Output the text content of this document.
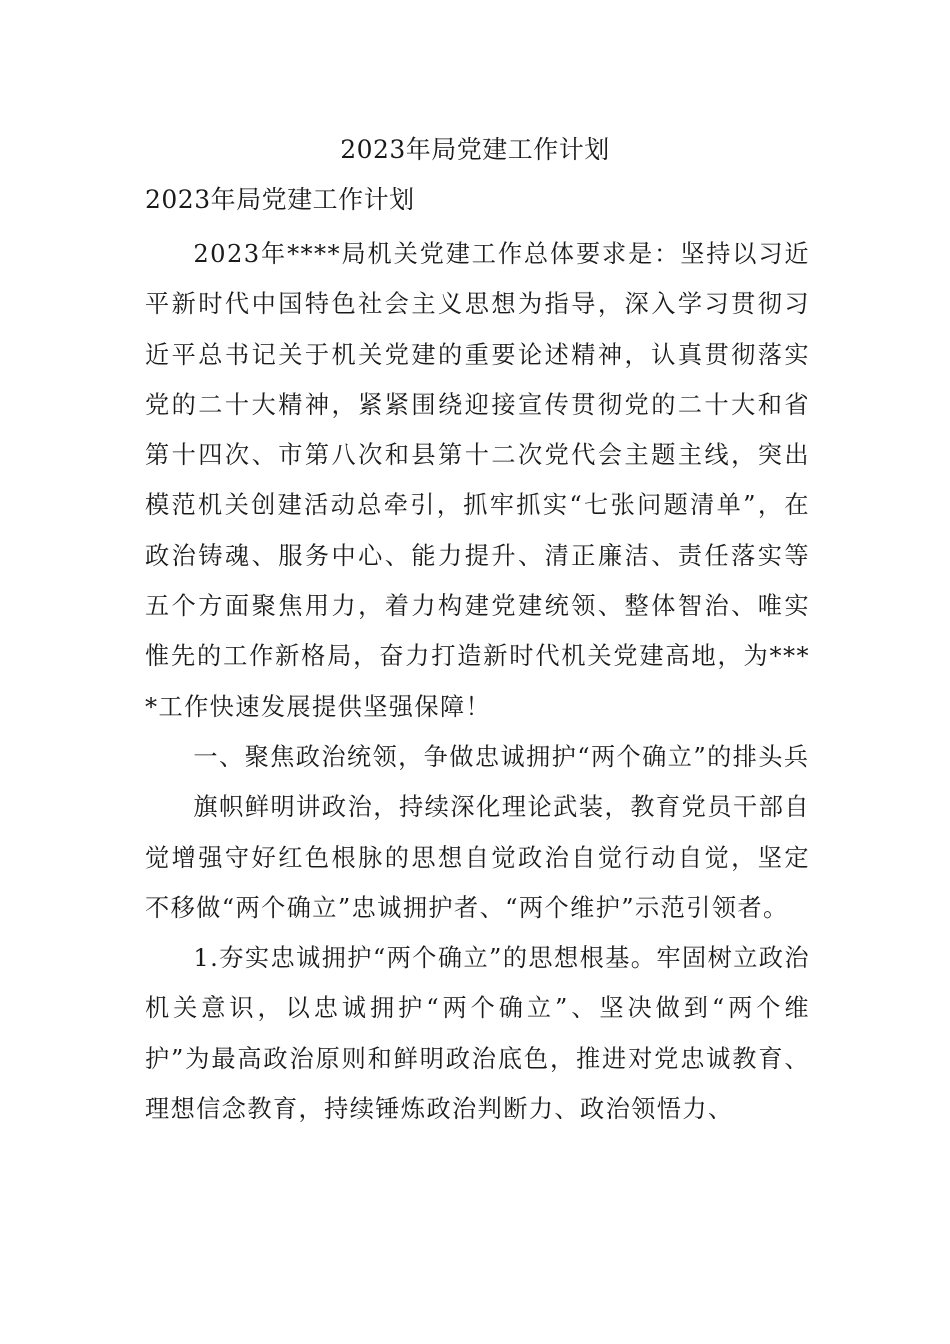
2023年局党建工作计划
2023年局党建工作计划

2023年****局机关党建工作总体要求是：坚持以习近平新时代中国特色社会主义思想为指导，深入学习贯彻习近平总书记关于机关党建的重要论述精神，认真贯彻落实党的二十大精神，紧紧围绕迎接宣传贯彻党的二十大和省第十四次、市第八次和县第十二次党代会主题主线，突出模范机关创建活动总牵引，抓牢抓实“七张问题清单”，在政治铸魂、服务中心、能力提升、清正廉洁、责任落实等五个方面聚焦用力，着力构建党建统领、整体智治、唯实惟先的工作新格局，奋力打造新时代机关党建高地，为****工作快速发展提供坚强保障！

一、聚焦政治统领，争做忠诚拥护“两个确立”的排头兵

旗帜鲜明讲政治，持续深化理论武装，教育党员干部自觉增强守好红色根脉的思想自觉政治自觉行动自觉，坚定不移做“两个确立”忠诚拥护者、“两个维护”示范引领者。

1.夯实忠诚拥护“两个确立”的思想根基。牢固树立政治机关意识，以忠诚拥护“两个确立”、坚决做到“两个维护”为最高政治原则和鲜明政治底色，推进对党忠诚教育、理想信念教育，持续锤炼政治判断力、政治领悟力、
